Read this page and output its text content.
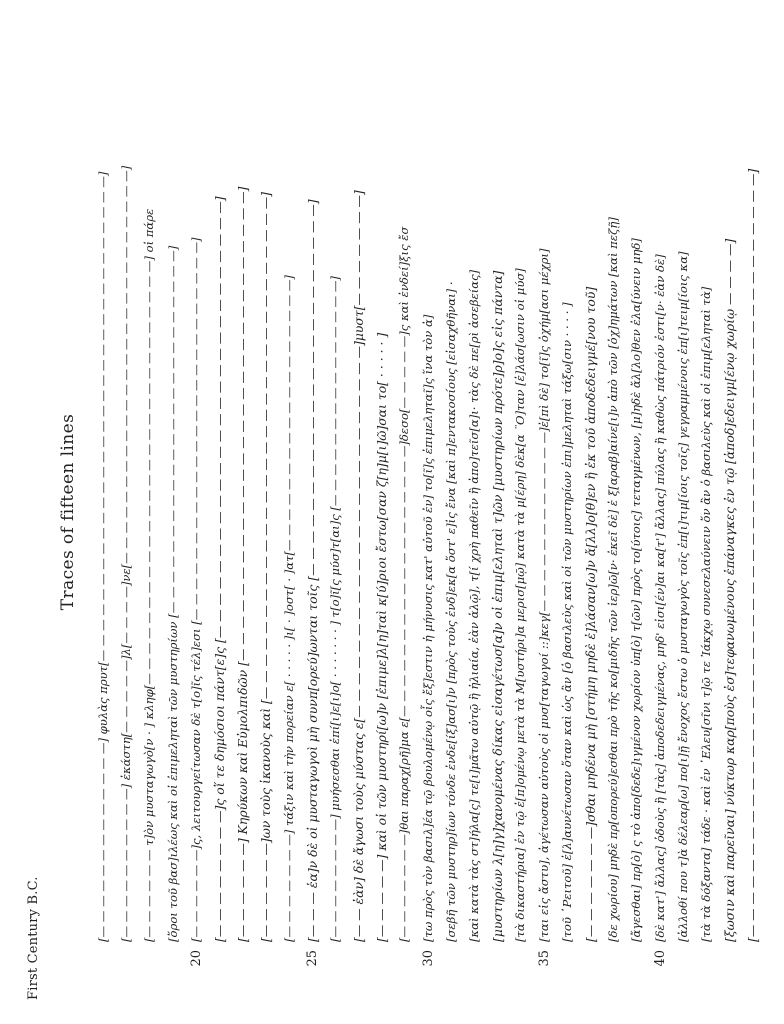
First Century B.C.
Traces of fifteen lines
20	25	30	35	40
[— — — — — — — — — — — — —] φυλὰς πρυτ[— — — — — — — — — — — — — — — — — — — — — — — — — — — — — — — —] [— — — — — — — — — —] ἑκάστη[— — — — —]λ[— — — —]νε[— — — — — — — — — — — — — — — — — — — — — — — — — —] [— — — — — — τ]ὸν μυσταγωγὸ[ν · ] κληφ[— — — — — — — — — — — — — — — — — — — — — — — — — — — —] οἱ πάρε [ὅροι τοῦ βασ]ιλέως καὶ οἱ ἐπιμεληταὶ τῶν μυστηρίων [— — — — — — — — — — — — — — — — — — — — — — — —] [— — — — — —]ς, λειτουργείτωσαν δὲ τ[ο]ῖς τέλ]εσι [— — — — — — — — — — — — — — — — — — — — — — — — —] [— — — — — — — —]ς οἵ τε δημόσιοι πάντ[ε]ς [— — — — — — — — — — — — — — — — — — — — — — — — — — —] [— — — — — —] Κηρύκων καὶ Εὐμολπιδῶν [— — — — — — — — — — — — — — — — — — — — — — — — — — — — —] [— — — — — —]ων τοὺς ἱκανοὺς καὶ [— — — — — — — — — — — — — — — — — — — — — — — — — — — — — — —] [— — — — — — —] τάξιν καὶ τὴν πορείαν ε[ · · · · · ]ι[ · ]οστ[ · ]ατ[— — — — — — — — — — — — — — — — — —] [— — — ἑα]ν δὲ οἱ μυσταγωγοὶ μὴ συνπ[ορεύ]ωνται τοῖς [— — — — — — — — — — — — — — — — — — — — — — —] [— — — — — — — —] μυήσεσθαι ἐπί[ι]ε[ι]ο[ · · · · · · · ] τ[ο]ῖ[ς μύσ]τ[αι]ς [— — — — — — — — — — — — — — —] [— — ἐὰν] δὲ ἄγωσι τοὺς μύστας ε[— — — — — — — — — — — — — — — — — — — — — — —]μυστ[— — — — — — —] [— — — — —] καὶ οἱ τῶν μυστηρί[ω]ν [ἐπιμε]λ[η]ταὶ κ[ύ]ριοι ἔστω[σαν ζ[η]μ[ι]ῶ]σαι το[ · · · · · ] [— — — — — — —]θαι παραχ[ρῆ]μα ε[— — — — — — — — — — — — — — — — — —]δεσο[— — — — —]ς καὶ ἐνδεί]ξις ἔσ [τω πρὸς τὸν βασιλ]έα τῷ βουλομένῳ οἷς ἔξ]εστιν ἡ μήνυσις κατ' αὐτοῦ ἐν] το[ῖ]ς ἐπιμεληταῖ]ς ἵνα τὸν ἀ] [σεβῆ τῶν μυστηρ]ίων τόνδε ἐνδε[ίξ]ασ[ι]ν [πρὸς τοὺς ἐνδ]εκ[α ὅστ' ε]ἰς ἔνα [καὶ π]εντακοσίους [εἰσαχθῆναι] · [καὶ κατὰ τὰς στ]ήλα[ς] τε[ι]μᾶτω αὐτῷ ἢ ἡλιαία, ἐὰν ἁλῷ], τ[ί χρὴ παθεῖν ἢ ἀπο]τεῖσ[α]ι· τὰς δὲ πε[ρὶ ἀσεβείας] [μυστηρίων λ[η]γ]χανομένας δίκας εἰσαγέτωσ[α]ν οἱ ἐπιμ[εληταὶ τ]ῶν [μυστηρίων πρότε]ρ]ο]ς εἰς πάντα] [τὰ δικαστήρια] ἐν τῷ ἐ[π]ομένῳ μετὰ τὰ Μ[υστήρι]α μερισ[μῷ] κατὰ τὰ μ[έρη] δὲκ[α ¨Ο]ταν [ἐ]λάσ[ωσιν οἱ μύσ] [ται εἰς ἄστυ], ἀγέτωσαν αὐτοὺς οἱ μυσ[ταγωγοί ::]κεγ[— — — — — — — — — — — —]ἐ[πὶ δὲ] το[ῖ]ς ὀχήμ[ασι μέχρι] [τοῦ ῾Ρειτοῦ] ἐ[λ]αυνέτωσαν ὅταν καὶ ὡς ἂν [ὁ βασιλεὺς καὶ οἱ τῶν μυστηρίων ἐπι]μεληταὶ τάξω[σιν · · · · ] [— — — — — — —]σθαι μηδένα μὴ [στήμη μηδὲ ἐ]λάσαν[ω]ν ἄ[λλ]ο[θ]εν ἢ ἐκ τοῦ ἀποδεδειγμέ[νου τοῦ] [δε χωρίου] μηδὲ πρ[οπορεύ]εσθαι πρὸ τῆς κο[μιδῆς τῶν ἱερ]ῶ[ν· ἐκεῖ δὲ] ἐ ξ[αραβ]αίνε[ι]ν ἀπὸ τῶν [ὀχ]ημάτων [καὶ πεζῇ] [ἄγεσθαι] πρ[ὸ] ς τὸ ἀπο[δεδε]ιγμένον χωρίον ὑπ[ὸ] τ[ῶν] πρὸς το[ύτοις] τεταγμένων, [μ]ηδὲ ἄλ[λο]θεν ἐλα[ύνειν μηδ] [δὲ κατ'] ἄλλας] ὁδοὺς ἢ [τὰς] ἀποδεδειγμένας, μηδ' εἰσι[έν]αι κα[τ'] ἄλλας] πύλας ἢ καθὼς πάτριόν ἐστι[ν· ἐὰν δὲ] [ἀλλοθί που τ]ὰ δέλεαρ[ω] πο[ι]ῇ ἔνοχος ἔστω ὁ μυσταγωγὸς τοῖς ἐπ[ι]τιμ[ίοις τοῖς] γεγραμμένοις ἐπ[ι]τειμ[ίοις κα] [τὰ τὰ δόξαντα] τάδε · καὶ ἐν ᾿Ελευ[σῖνι τ]ῷ τε Ἰάκχῳ συνεσελαύνειν ὅν ἂν ὁ βασιλεὺς καὶ οἱ ἐπιμ[εληταὶ τὰ] [ξωσιν καὶ παρεῖναι] νύκτωρ καρ[ποὺς ἐσ]τεφανωμένους ἐπάναγκες ἐν τῷ [ἀποδ]εδειγμ[ένῳ χωρίῳ — — — —] [— — — — — — — — — — — — — — — — — — — — — — — — — — — — — — — — — — — — — — — — — — — — — — —]
